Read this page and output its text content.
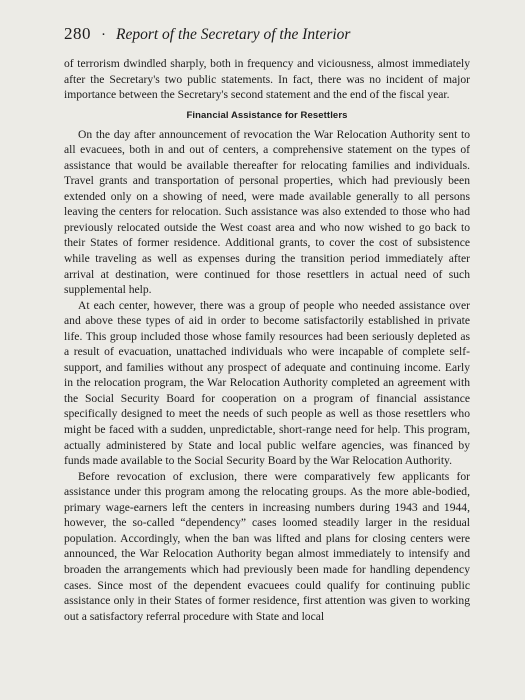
280 · Report of the Secretary of the Interior

of terrorism dwindled sharply, both in frequency and viciousness, almost immediately after the Secretary's two public statements. In fact, there was no incident of major importance between the Secretary's second statement and the end of the fiscal year.

Financial Assistance for Resettlers

On the day after announcement of revocation the War Relocation Authority sent to all evacuees, both in and out of centers, a comprehensive statement on the types of assistance that would be available thereafter for relocating families and individuals. Travel grants and transportation of personal properties, which had previously been extended only on a showing of need, were made available generally to all persons leaving the centers for relocation. Such assistance was also extended to those who had previously relocated outside the West coast area and who now wished to go back to their States of former residence. Additional grants, to cover the cost of subsistence while traveling as well as expenses during the transition period immediately after arrival at destination, were continued for those resettlers in actual need of such supplemental help.

At each center, however, there was a group of people who needed assistance over and above these types of aid in order to become satisfactorily established in private life. This group included those whose family resources had been seriously depleted as a result of evacuation, unattached individuals who were incapable of complete self-support, and families without any prospect of adequate and continuing income. Early in the relocation program, the War Relocation Authority completed an agreement with the Social Security Board for cooperation on a program of financial assistance specifically designed to meet the needs of such people as well as those resettlers who might be faced with a sudden, unpredictable, short-range need for help. This program, actually administered by State and local public welfare agencies, was financed by funds made available to the Social Security Board by the War Relocation Authority.

Before revocation of exclusion, there were comparatively few applicants for assistance under this program among the relocating groups. As the more able-bodied, primary wage-earners left the centers in increasing numbers during 1943 and 1944, however, the so-called “dependency” cases loomed steadily larger in the residual population. Accordingly, when the ban was lifted and plans for closing centers were announced, the War Relocation Authority began almost immediately to intensify and broaden the arrangements which had previously been made for handling dependency cases. Since most of the dependent evacuees could qualify for continuing public assistance only in their States of former residence, first attention was given to working out a satisfactory referral procedure with State and local
